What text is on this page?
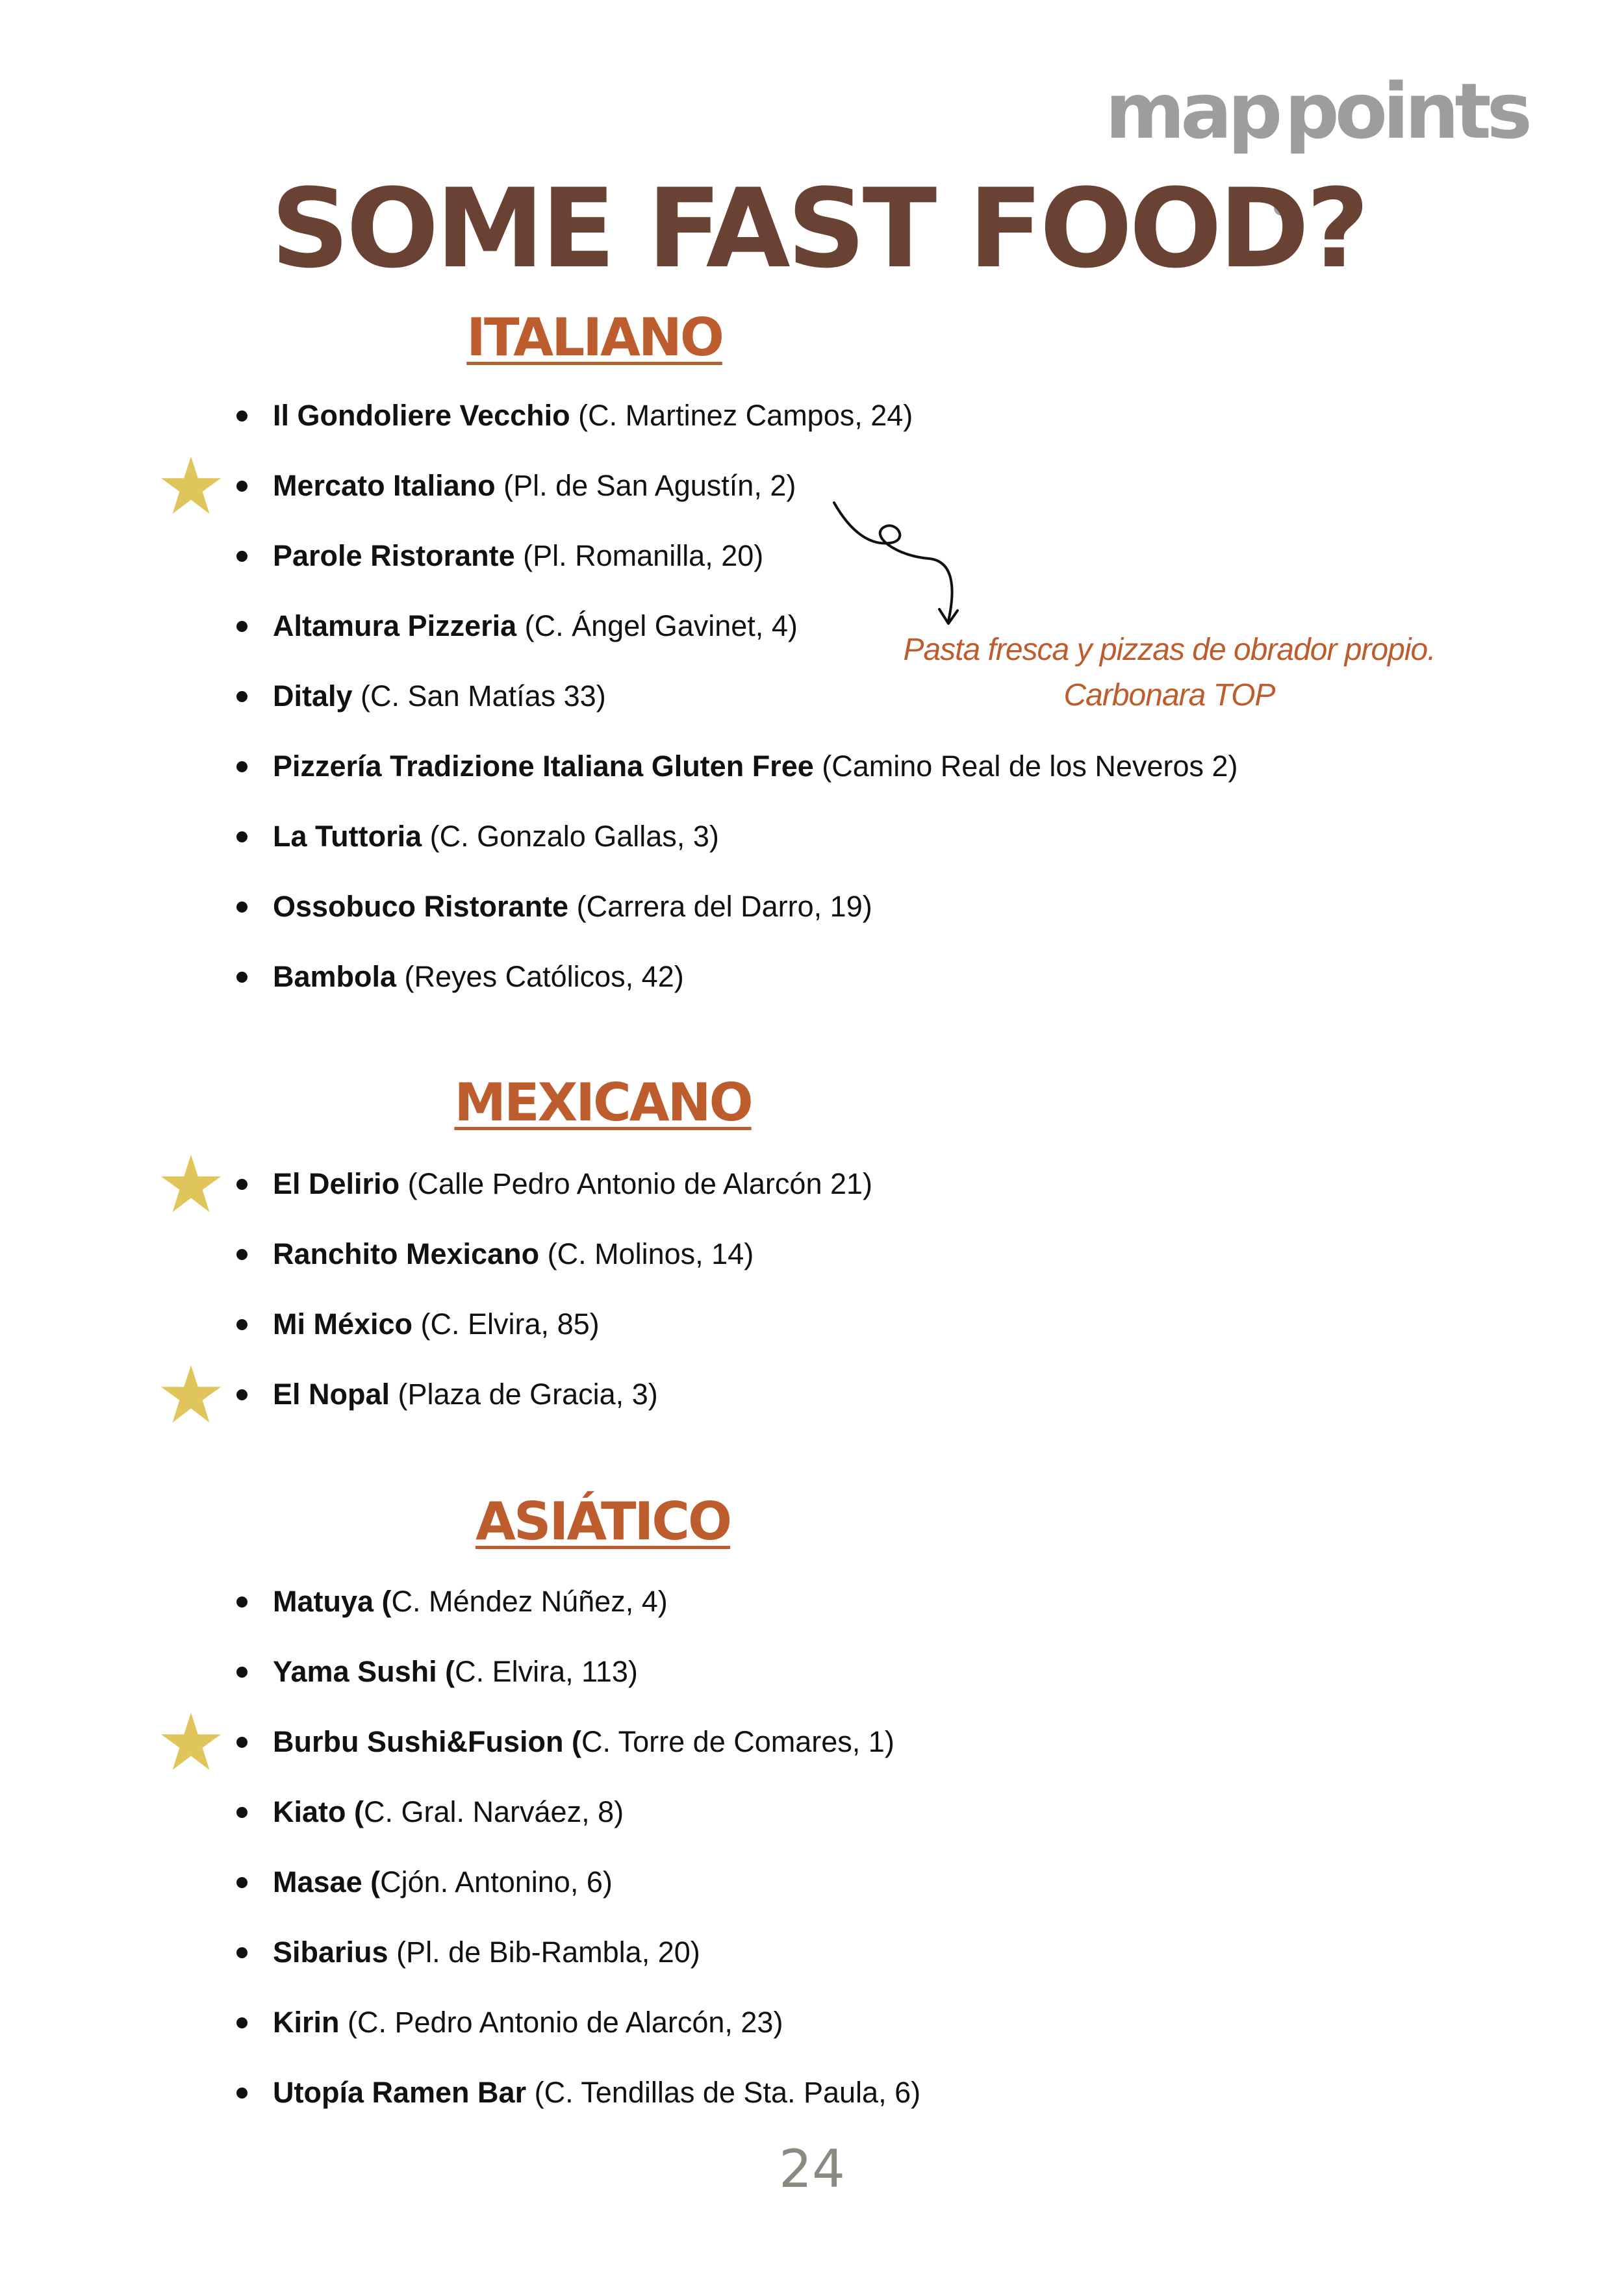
mappoints
SOME FAST FOOD?
ITALIANO
Il Gondoliere Vecchio (C. Martinez Campos, 24)
Mercato Italiano (Pl. de San Agustín, 2)
Parole Ristorante (Pl. Romanilla, 20)
Altamura Pizzeria (C. Ángel Gavinet, 4)
Ditaly (C. San Matías 33)
Pizzería Tradizione Italiana Gluten Free (Camino Real de los Neveros 2)
La Tuttoria (C. Gonzalo Gallas, 3)
Ossobuco Ristorante (Carrera del Darro, 19)
Bambola (Reyes Católicos, 42)
MEXICANO
El Delirio (Calle Pedro Antonio de Alarcón 21)
Ranchito Mexicano (C. Molinos, 14)
Mi México (C. Elvira, 85)
El Nopal (Plaza de Gracia, 3)
ASIÁTICO
Matuya (C. Méndez Núñez, 4)
Yama Sushi (C. Elvira, 113)
Burbu Sushi&Fusion (C. Torre de Comares, 1)
Kiato (C. Gral. Narváez, 8)
Masae (Cjón. Antonino, 6)
Sibarius (Pl. de Bib-Rambla, 20)
Kirin (C. Pedro Antonio de Alarcón, 23)
Utopía Ramen Bar (C. Tendillas de Sta. Paula, 6)
Pasta fresca y pizzas de obrador propio.
Carbonara TOP
24
